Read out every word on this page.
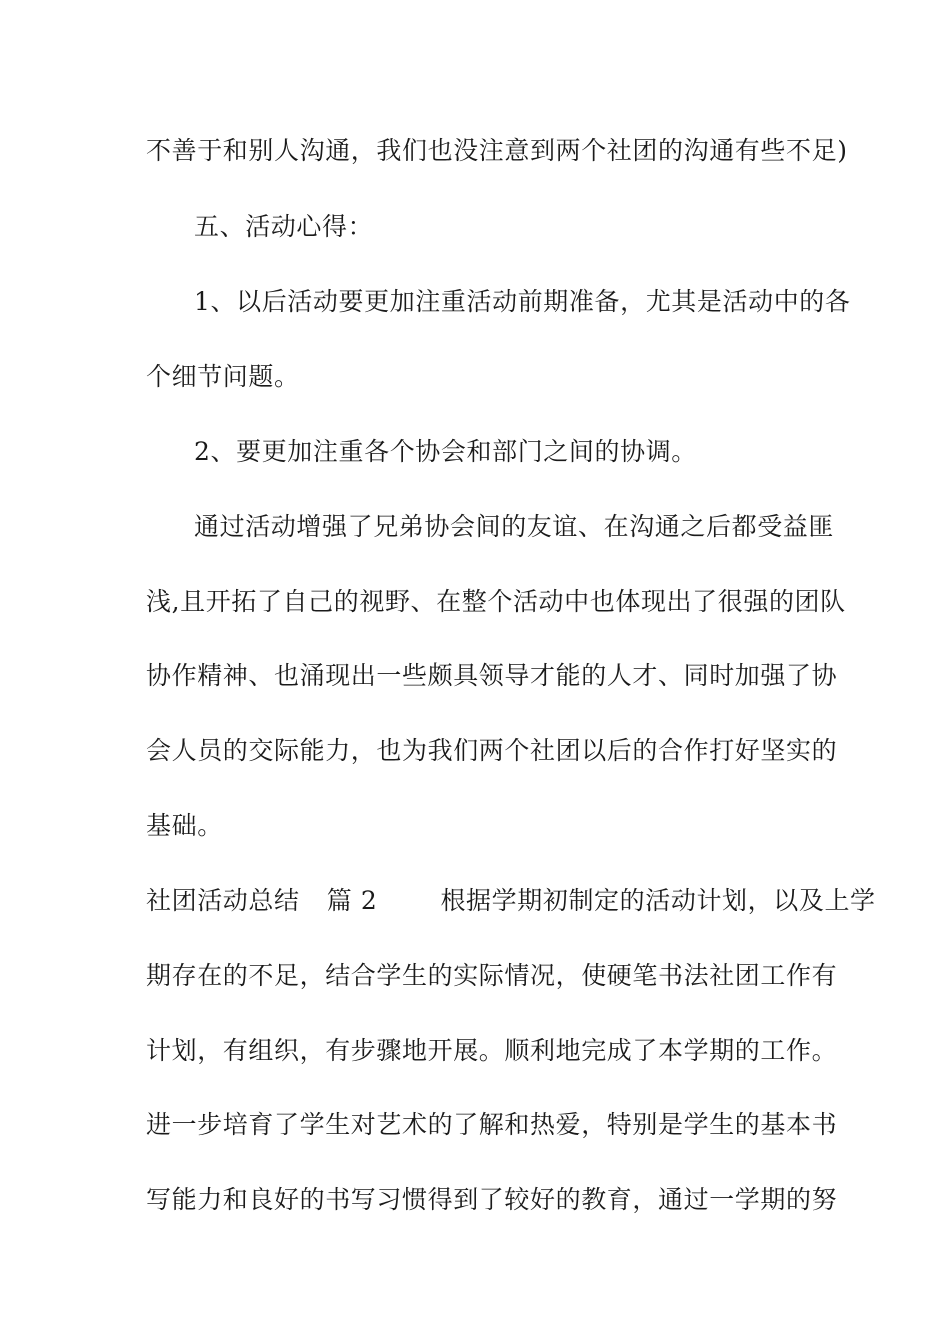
不善于和别人沟通，我们也没注意到两个社团的沟通有些不足)
五、活动心得：
1、以后活动要更加注重活动前期准备，尤其是活动中的各
个细节问题。
2、要更加注重各个协会和部门之间的协调。
通过活动增强了兄弟协会间的友谊、在沟通之后都受益匪
浅,且开拓了自己的视野、在整个活动中也体现出了很强的团队
协作精神、也涌现出一些颇具领导才能的人才、同时加强了协
会人员的交际能力，也为我们两个社团以后的合作打好坚实的
基础。
社团活动总结 篇 2	根据学期初制定的活动计划，以及上学
期存在的不足，结合学生的实际情况，使硬笔书法社团工作有
计划，有组织，有步骤地开展。顺利地完成了本学期的工作。
进一步培育了学生对艺术的了解和热爱，特别是学生的基本书
写能力和良好的书写习惯得到了较好的教育，通过一学期的努
